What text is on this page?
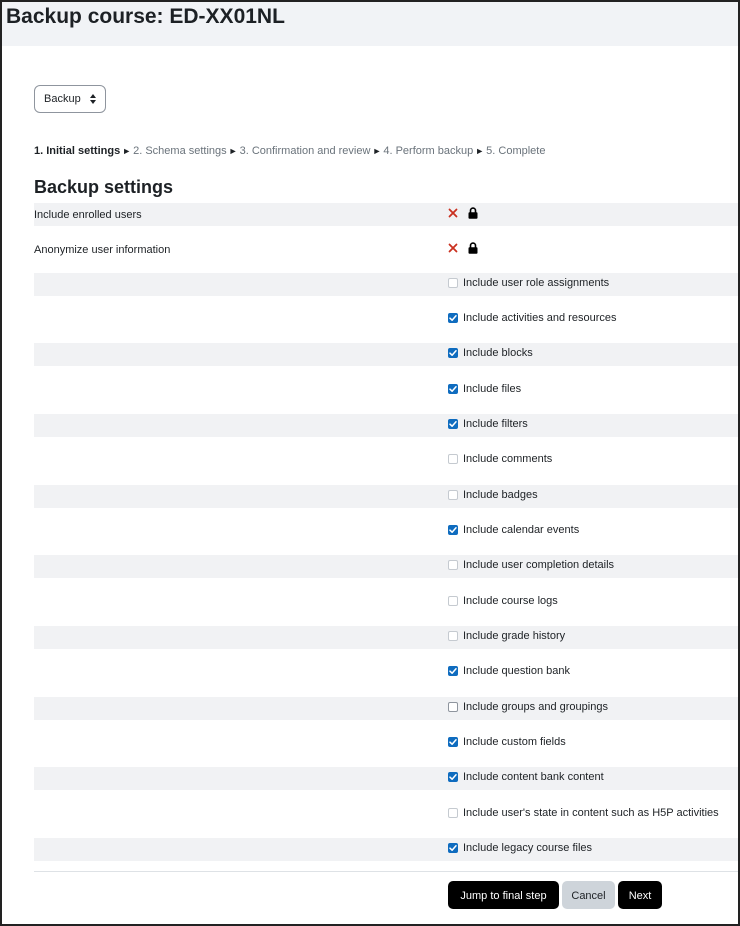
Backup course: ED-XX01NL
Backup
1. Initial settings ► 2. Schema settings ► 3. Confirmation and review ► 4. Perform backup ► 5. Complete
Backup settings
Include enrolled users
Anonymize user information
Include user role assignments
Include activities and resources
Include blocks
Include files
Include filters
Include comments
Include badges
Include calendar events
Include user completion details
Include course logs
Include grade history
Include question bank
Include groups and groupings
Include custom fields
Include content bank content
Include user's state in content such as H5P activities
Include legacy course files
Jump to final step	Cancel	Next
